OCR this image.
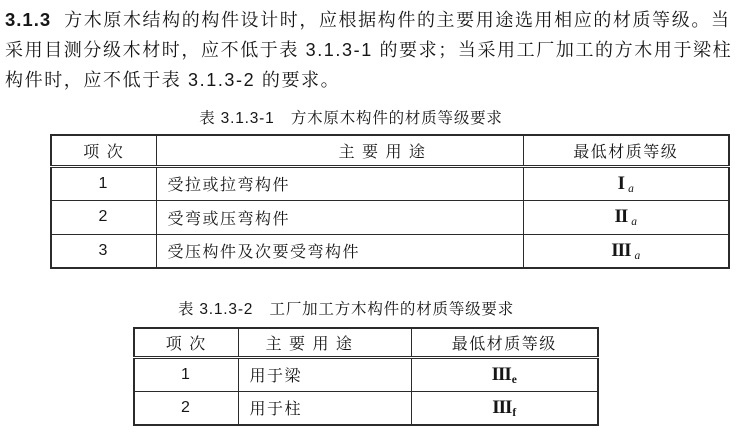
3.1.3 方木原木结构的构件设计时，应根据构件的主要用途选用相应的材质等级。当
采用目测分级木材时，应不低于表 3.1.3-1 的要求；当采用工厂加工的方木用于梁柱
构件时，应不低于表 3.1.3-2 的要求。
表 3.1.3-1　方木原木构件的材质等级要求
项 次	主 要 用 途	最低材质等级
1	受拉或拉弯构件	I a
2	受弯或压弯构件	II a
3	受压构件及次要受弯构件	III a
表 3.1.3-2　工厂加工方木构件的材质等级要求
项 次	主 要 用 途	最低材质等级
1	用于梁	IIIe
2	用于柱	IIIf
